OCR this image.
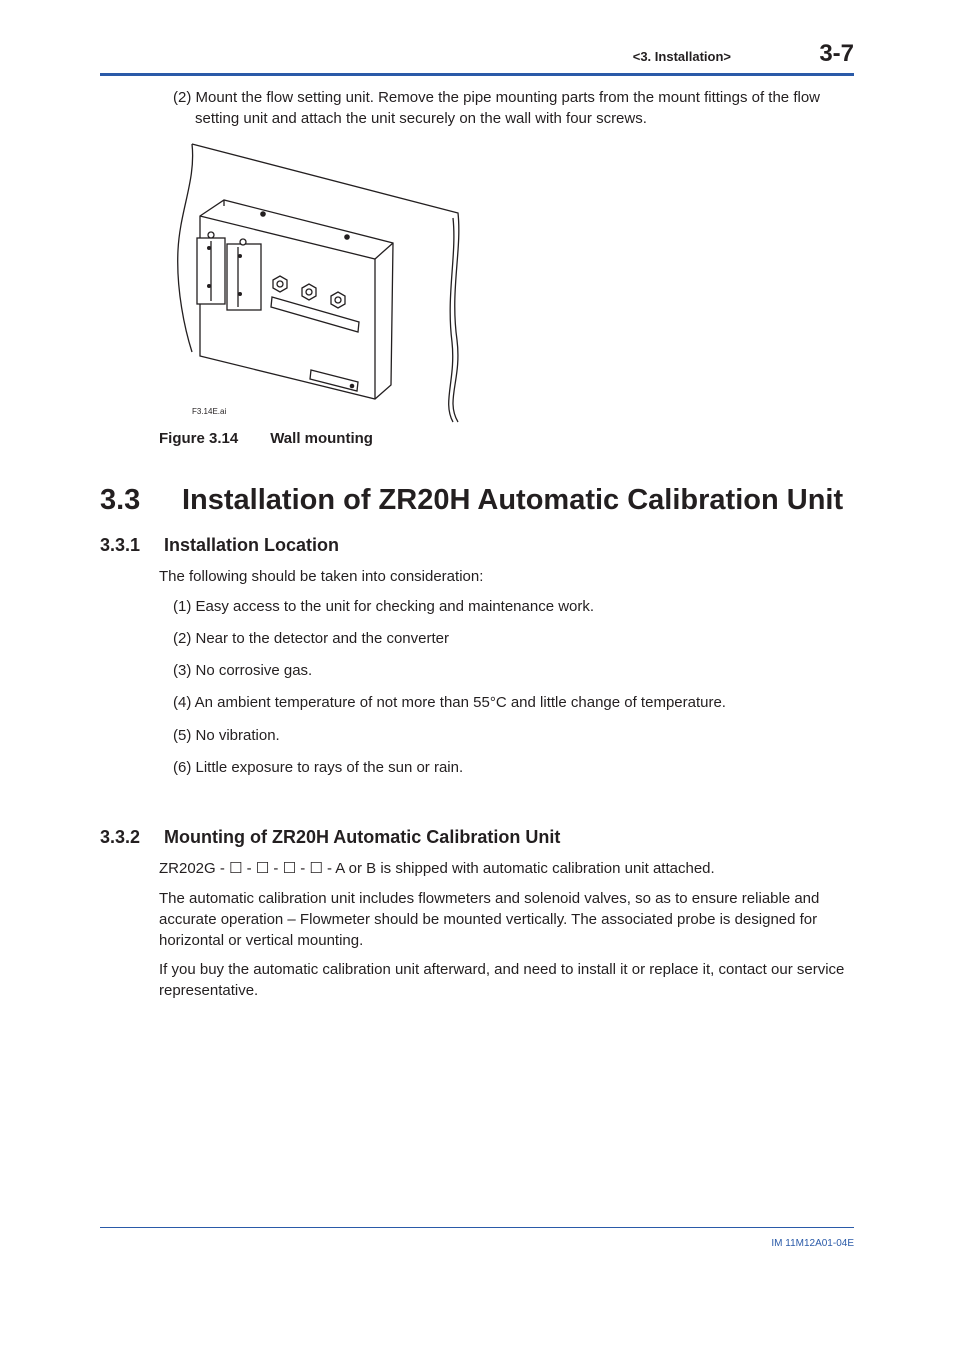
<3. Installation>	3-7
(2) Mount the flow setting unit. Remove the pipe mounting parts from the mount fittings of the flow setting unit and attach the unit securely on the wall with four screws.
F3.14E.ai
Figure 3.14 Wall mounting
3.3 Installation of ZR20H Automatic Calibration Unit
3.3.1 Installation Location
The following should be taken into consideration:
(1) Easy access to the unit for checking and maintenance work.
(2) Near to the detector and the converter
(3) No corrosive gas.
(4) An ambient temperature of not more than 55°C and little change of temperature.
(5) No vibration.
(6) Little exposure to rays of the sun or rain.
3.3.2 Mounting of ZR20H Automatic Calibration Unit
ZR202G - ☐ - ☐ - ☐ - ☐ - A or B is shipped with automatic calibration unit attached.
The automatic calibration unit includes flowmeters and solenoid valves, so as to ensure reliable and accurate operation – Flowmeter should be mounted vertically. The associated probe is designed for horizontal or vertical mounting.
If you buy the automatic calibration unit afterward, and need to install it or replace it, contact our service representative.
IM 11M12A01-04E
